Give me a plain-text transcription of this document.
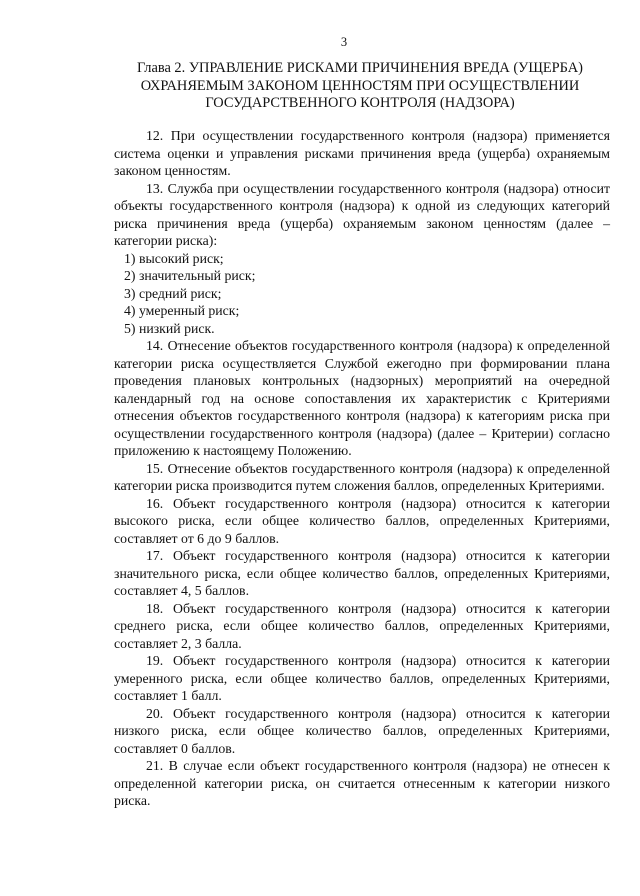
3
Глава 2. УПРАВЛЕНИЕ РИСКАМИ ПРИЧИНЕНИЯ ВРЕДА (УЩЕРБА)
ОХРАНЯЕМЫМ ЗАКОНОМ ЦЕННОСТЯМ ПРИ ОСУЩЕСТВЛЕНИИ
ГОСУДАРСТВЕННОГО КОНТРОЛЯ (НАДЗОРА)

12. При осуществлении государственного контроля (надзора) применяется система оценки и управления рисками причинения вреда (ущерба) охраняемым законом ценностям.

13. Служба при осуществлении государственного контроля (надзора) относит объекты государственного контроля (надзора) к одной из следующих категорий риска причинения вреда (ущерба) охраняемым законом ценностям (далее – категории риска):

1) высокий риск;

2) значительный риск;

3) средний риск;

4) умеренный риск;

5) низкий риск.

14. Отнесение объектов государственного контроля (надзора) к определенной категории риска осуществляется Службой ежегодно при формировании плана проведения плановых контрольных (надзорных) мероприятий на очередной календарный год на основе сопоставления их характеристик с Критериями отнесения объектов государственного контроля (надзора) к категориям риска при осуществлении государственного контроля (надзора) (далее – Критерии) согласно приложению к настоящему Положению.

15. Отнесение объектов государственного контроля (надзора) к определенной категории риска производится путем сложения баллов, определенных Критериями.

16. Объект государственного контроля (надзора) относится к категории высокого риска, если общее количество баллов, определенных Критериями, составляет от 6 до 9 баллов.

17. Объект государственного контроля (надзора) относится к категории значительного риска, если общее количество баллов, определенных Критериями, составляет 4, 5 баллов.

18. Объект государственного контроля (надзора) относится к категории среднего риска, если общее количество баллов, определенных Критериями, составляет 2, 3 балла.

19. Объект государственного контроля (надзора) относится к категории умеренного риска, если общее количество баллов, определенных Критериями, составляет 1 балл.

20. Объект государственного контроля (надзора) относится к категории низкого риска, если общее количество баллов, определенных Критериями, составляет 0 баллов.

21. В случае если объект государственного контроля (надзора) не отнесен к определенной категории риска, он считается отнесенным к категории низкого риска.
